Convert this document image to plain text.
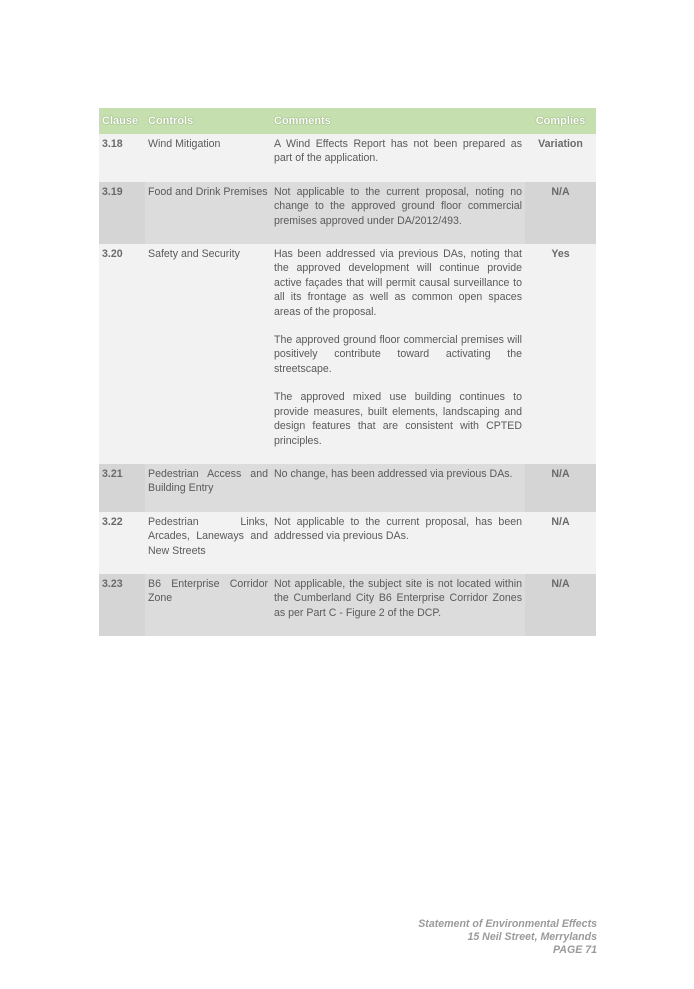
Clause	Controls	Comments	Complies
3.18	Wind Mitigation	A Wind Effects Report has not been prepared as part of the application.	Variation
3.19	Food and Drink Premises	Not applicable to the current proposal, noting no change to the approved ground floor commercial premises approved under DA/2012/493.	N/A
3.20	Safety and Security	Has been addressed via previous DAs, noting that the approved development will continue provide active façades that will permit causal surveillance to all its frontage as well as common open spaces areas of the proposal.

The approved ground floor commercial premises will positively contribute toward activating the streetscape.

The approved mixed use building continues to provide measures, built elements, landscaping and design features that are consistent with CPTED principles.	Yes
3.21	Pedestrian Access and Building Entry	No change, has been addressed via previous DAs.	N/A
3.22	Pedestrian Links, Arcades, Laneways and New Streets	Not applicable to the current proposal, has been addressed via previous DAs.	N/A
3.23	B6 Enterprise Corridor Zone	Not applicable, the subject site is not located within the Cumberland City B6 Enterprise Corridor Zones as per Part C - Figure 2 of the DCP.	N/A
Statement of Environmental Effects
15 Neil Street, Merrylands
PAGE 71
